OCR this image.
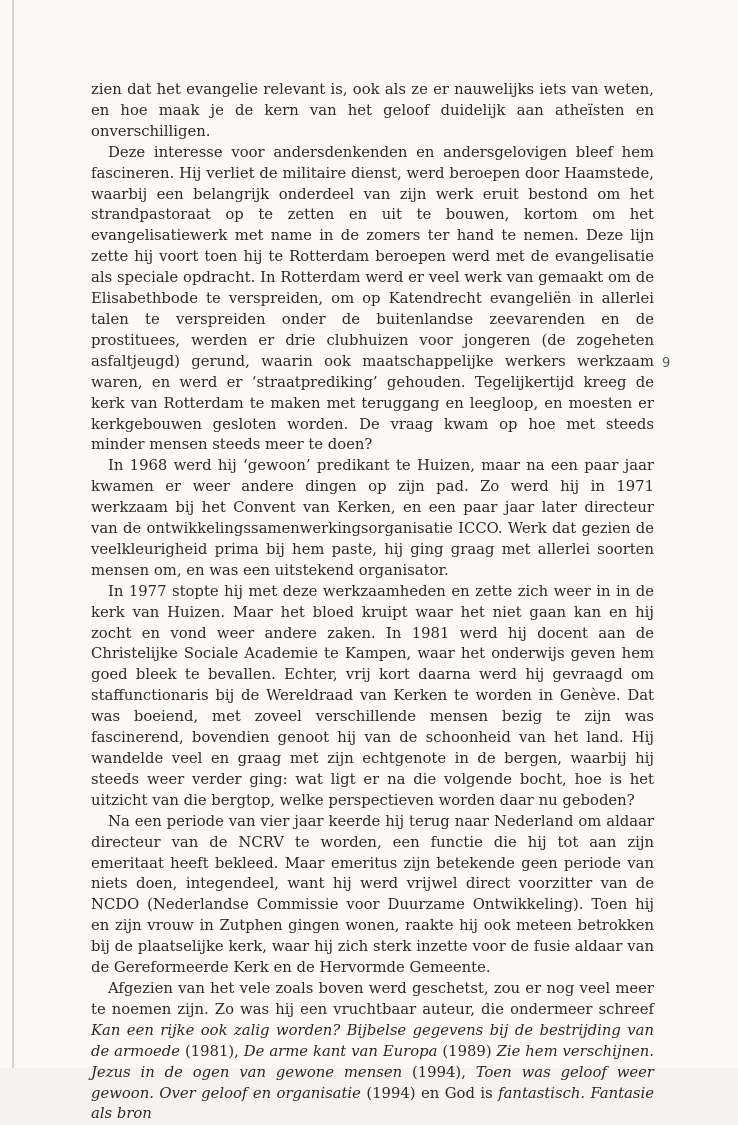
zien dat het evangelie relevant is, ook als ze er nauwelijks iets van weten, en hoe maak je de kern van het geloof duidelijk aan atheïsten en onverschilligen.

Deze interesse voor andersdenkenden en andersgelovigen bleef hem fascineren. Hij verliet de militaire dienst, werd beroepen door Haamstede, waarbij een belangrijk onderdeel van zijn werk eruit bestond om het strandpastoraat op te zetten en uit te bouwen, kortom om het evangelisatiewerk met name in de zomers ter hand te nemen. Deze lijn zette hij voort toen hij te Rotterdam beroepen werd met de evangelisatie als speciale opdracht. In Rotterdam werd er veel werk van gemaakt om de Elisabethbode te verspreiden, om op Katendrecht evangeliën in allerlei talen te verspreiden onder de buitenlandse zeevarenden en de prostituees, werden er drie clubhuizen voor jongeren (de zogeheten asfaltjeugd) gerund, waarin ook maatschappelijke werkers werkzaam waren, en werd er ‘straatprediking’ gehouden. Tegelijkertijd kreeg de kerk van Rotterdam te maken met teruggang en leegloop, en moesten er kerkgebouwen gesloten worden. De vraag kwam op hoe met steeds minder mensen steeds meer te doen?

In 1968 werd hij ‘gewoon’ predikant te Huizen, maar na een paar jaar kwamen er weer andere dingen op zijn pad. Zo werd hij in 1971 werkzaam bij het Convent van Kerken, en een paar jaar later directeur van de ontwikkelingssamenwerkingsorganisatie ICCO. Werk dat gezien de veelkleurigheid prima bij hem paste, hij ging graag met allerlei soorten mensen om, en was een uitstekend organisator.

In 1977 stopte hij met deze werkzaamheden en zette zich weer in in de kerk van Huizen. Maar het bloed kruipt waar het niet gaan kan en hij zocht en vond weer andere zaken. In 1981 werd hij docent aan de Christelijke Sociale Academie te Kampen, waar het onderwijs geven hem goed bleek te bevallen. Echter, vrij kort daarna werd hij gevraagd om staffunctionaris bij de Wereldraad van Kerken te worden in Genève. Dat was boeiend, met zoveel verschillende mensen bezig te zijn was fascinerend, bovendien genoot hij van de schoonheid van het land. Hij wandelde veel en graag met zijn echtgenote in de bergen, waarbij hij steeds weer verder ging: wat ligt er na die volgende bocht, hoe is het uitzicht van die bergtop, welke perspectieven worden daar nu geboden?

Na een periode van vier jaar keerde hij terug naar Nederland om aldaar directeur van de NCRV te worden, een functie die hij tot aan zijn emeritaat heeft bekleed. Maar emeritus zijn betekende geen periode van niets doen, integendeel, want hij werd vrijwel direct voorzitter van de NCDO (Nederlandse Commissie voor Duurzame Ontwikkeling). Toen hij en zijn vrouw in Zutphen gingen wonen, raakte hij ook meteen betrokken bij de plaatselijke kerk, waar hij zich sterk inzette voor de fusie aldaar van de Gereformeerde Kerk en de Hervormde Gemeente.

Afgezien van het vele zoals boven werd geschetst, zou er nog veel meer te noemen zijn. Zo was hij een vruchtbaar auteur, die ondermeer schreef Kan een rijke ook zalig worden? Bijbelse gegevens bij de bestrijding van de armoede (1981), De arme kant van Europa (1989) Zie hem verschijnen. Jezus in de ogen van gewone mensen (1994), Toen was geloof weer gewoon. Over geloof en organisatie (1994) en God is fantastisch. Fantasie als bron

9
